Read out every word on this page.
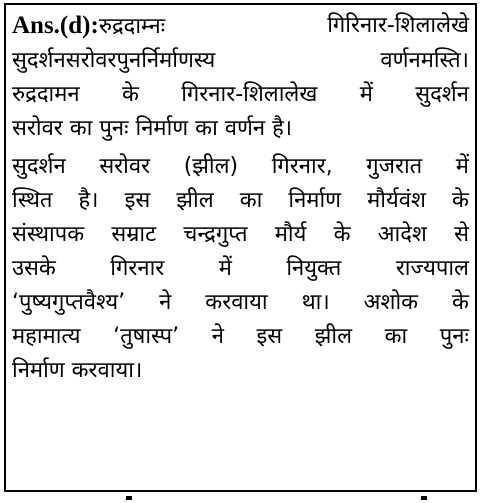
Ans.(d):रुद्रदाम्नः	गिरिनार-शिलालेखे
सुदर्शनसरोवरपुनर्निर्माणस्य	वर्णनमस्ति।
रुद्रदामन के गिरनार-शिलालेख में सुदर्शन
सरोवर का पुनः निर्माण का वर्णन है।
सुदर्शन सरोवर (झील) गिरनार, गुजरात में
स्थित है। इस झील का निर्माण मौर्यवंश के
संस्थापक सम्राट चन्द्रगुप्त मौर्य के आदेश से
उसके गिरनार में नियुक्त राज्यपाल
‘पुष्यगुप्तवैश्य’ ने करवाया था। अशोक के
महामात्य ‘तुषास्प’ ने इस झील का पुनः
निर्माण करवाया।
